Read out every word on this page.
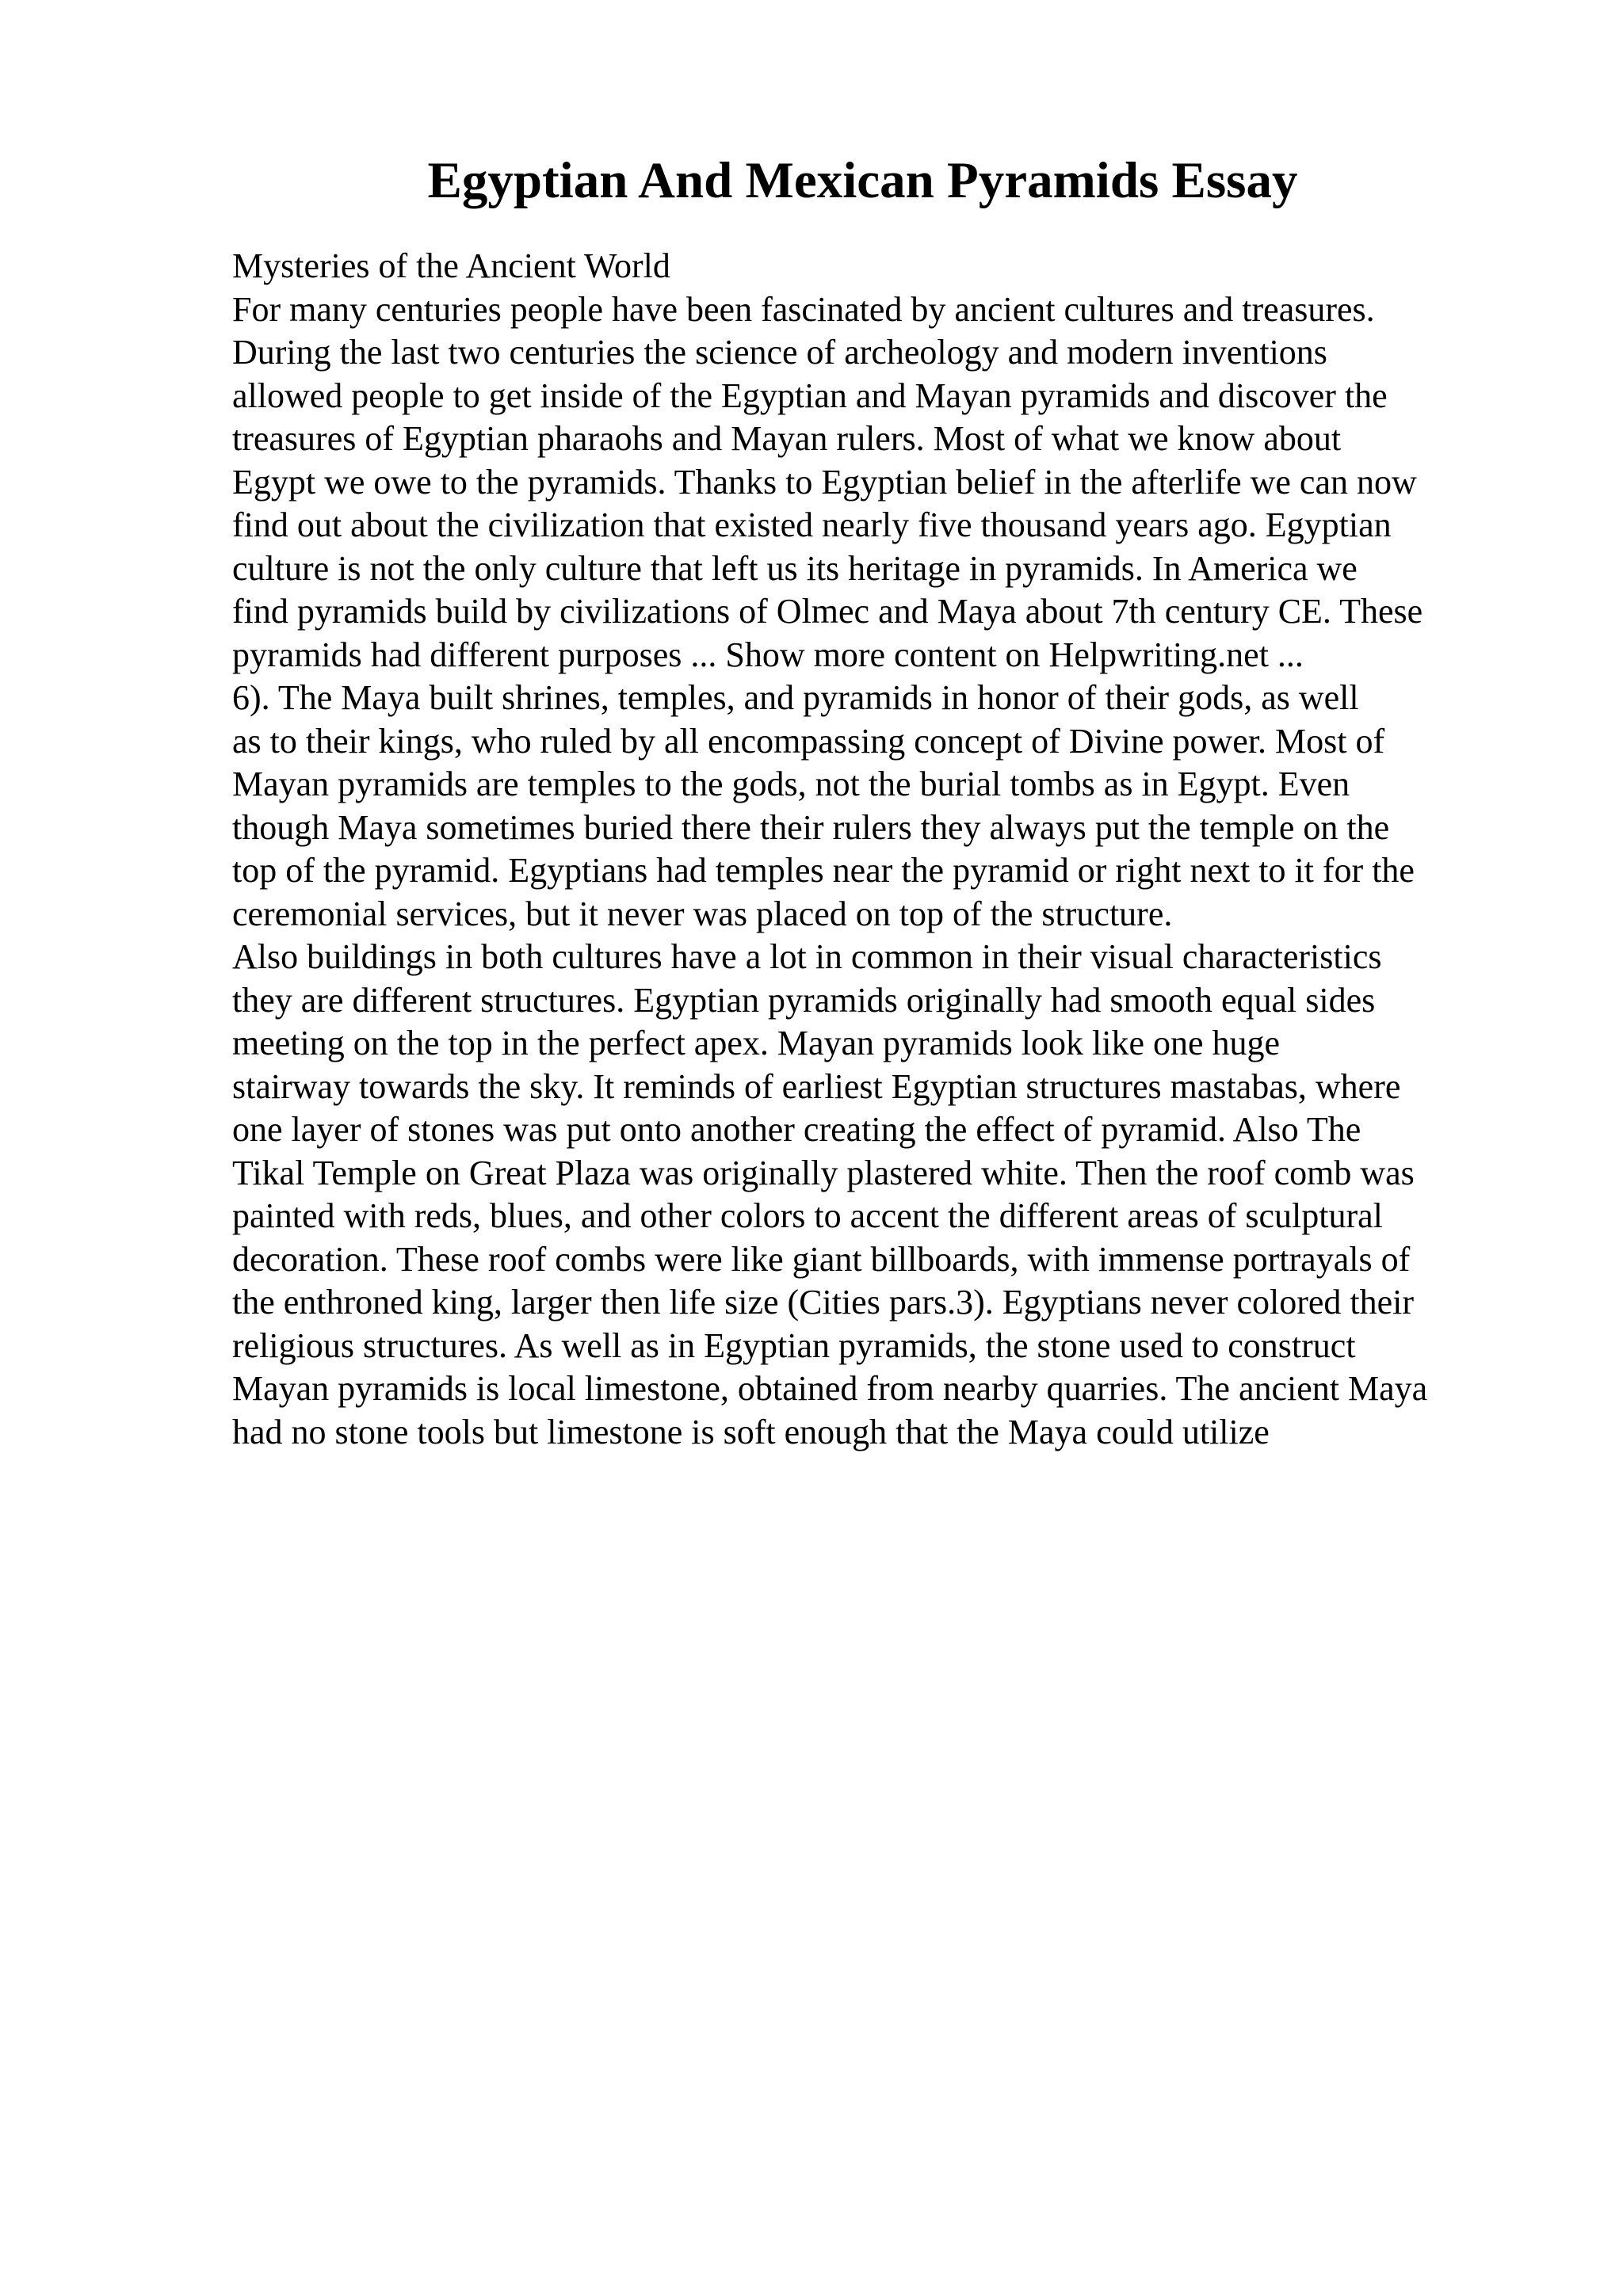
Egyptian And Mexican Pyramids Essay
Mysteries of the Ancient World
For many centuries people have been fascinated by ancient cultures and treasures.
During the last two centuries the science of archeology and modern inventions
allowed people to get inside of the Egyptian and Mayan pyramids and discover the
treasures of Egyptian pharaohs and Mayan rulers. Most of what we know about
Egypt we owe to the pyramids. Thanks to Egyptian belief in the afterlife we can now
find out about the civilization that existed nearly five thousand years ago. Egyptian
culture is not the only culture that left us its heritage in pyramids. In America we
find pyramids build by civilizations of Olmec and Maya about 7th century CE. These
pyramids had different purposes ... Show more content on Helpwriting.net ...
6). The Maya built shrines, temples, and pyramids in honor of their gods, as well
as to their kings, who ruled by all encompassing concept of Divine power. Most of
Mayan pyramids are temples to the gods, not the burial tombs as in Egypt. Even
though Maya sometimes buried there their rulers they always put the temple on the
top of the pyramid. Egyptians had temples near the pyramid or right next to it for the
ceremonial services, but it never was placed on top of the structure.
Also buildings in both cultures have a lot in common in their visual characteristics
they are different structures. Egyptian pyramids originally had smooth equal sides
meeting on the top in the perfect apex. Mayan pyramids look like one huge
stairway towards the sky. It reminds of earliest Egyptian structures mastabas, where
one layer of stones was put onto another creating the effect of pyramid. Also The
Tikal Temple on Great Plaza was originally plastered white. Then the roof comb was
painted with reds, blues, and other colors to accent the different areas of sculptural
decoration. These roof combs were like giant billboards, with immense portrayals of
the enthroned king, larger then life size (Cities pars.3). Egyptians never colored their
religious structures. As well as in Egyptian pyramids, the stone used to construct
Mayan pyramids is local limestone, obtained from nearby quarries. The ancient Maya
had no stone tools but limestone is soft enough that the Maya could utilize
